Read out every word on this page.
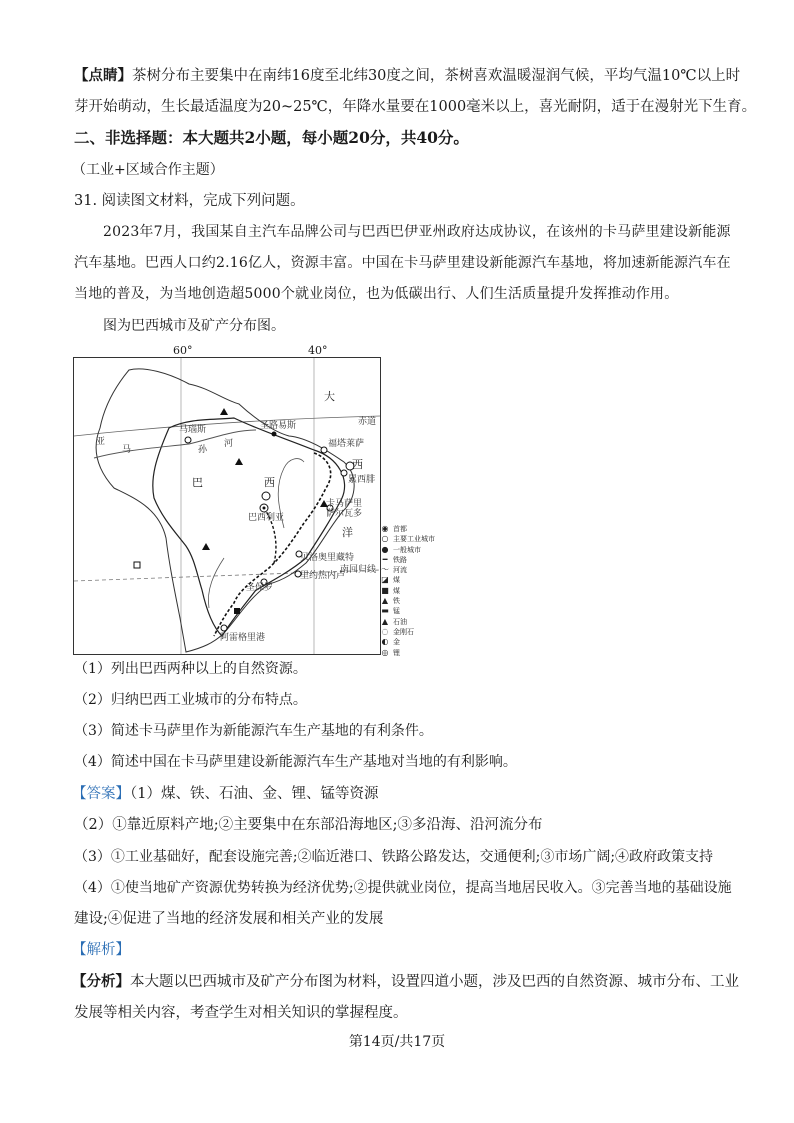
【点睛】茶树分布主要集中在南纬16度至北纬30度之间，茶树喜欢温暖湿润气候，平均气温10℃以上时
芽开始萌动，生长最适温度为20~25℃，年降水量要在1000毫米以上，喜光耐阴，适于在漫射光下生育。
二、非选择题：本大题共2小题，每小题20分，共40分。
（工业+区域合作主题）
31. 阅读图文材料，完成下列问题。
2023年7月，我国某自主汽车品牌公司与巴西巴伊亚州政府达成协议，在该州的卡马萨里建设新能源
汽车基地。巴西人口约2.16亿人，资源丰富。中国在卡马萨里建设新能源汽车基地，将加速新能源汽车在
当地的普及，为当地创造超5000个就业岗位，也为低碳出行、人们生活质量提升发挥推动作用。
图为巴西城市及矿产分布图。
60°	40°
大
西
洋
赤道
南回归线
巴	西
亚
马	孙
河
马瑙斯	圣路易斯
福塔莱萨
累西腓
卡马萨里
萨尔瓦多
巴西利亚
贝洛奥里藏特
里约热内卢
圣保罗
阿雷格里港
◉ 首都
○ 主要工业城市
● 一般城市
━ 铁路
～ 河流
◪ 煤
■ 煤
▲ 铁
▬ 锰
▲ 石油
◌ 金刚石
◐ 金
◎ 锂
（1）列出巴西两种以上的自然资源。
（2）归纳巴西工业城市的分布特点。
（3）简述卡马萨里作为新能源汽车生产基地的有利条件。
（4）简述中国在卡马萨里建设新能源汽车生产基地对当地的有利影响。
【答案】（1）煤、铁、石油、金、锂、锰等资源
（2）①靠近原料产地;②主要集中在东部沿海地区;③多沿海、沿河流分布
（3）①工业基础好，配套设施完善;②临近港口、铁路公路发达，交通便利;③市场广阔;④政府政策支持
（4）①使当地矿产资源优势转换为经济优势;②提供就业岗位，提高当地居民收入。③完善当地的基础设施
建设;④促进了当地的经济发展和相关产业的发展
【解析】
【分析】本大题以巴西城市及矿产分布图为材料，设置四道小题，涉及巴西的自然资源、城市分布、工业
发展等相关内容，考查学生对相关知识的掌握程度。
第14页/共17页
